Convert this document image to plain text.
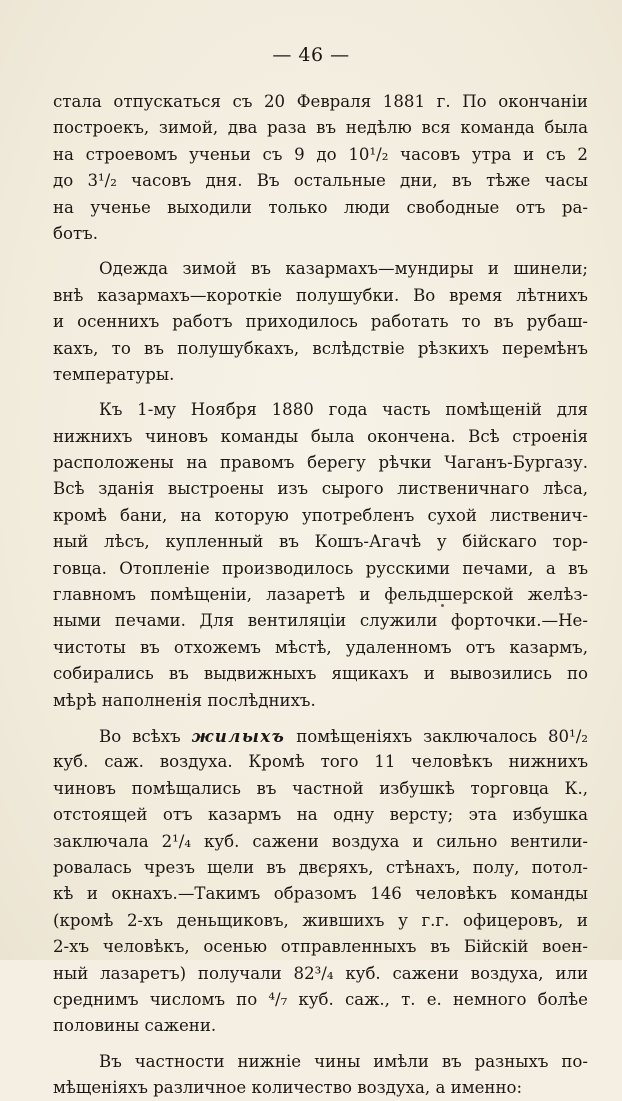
— 46 —
стала отпускаться съ 20 Февраля 1881 г. По окончаніи
построекъ, зимой, два раза въ недѣлю вся команда была
на строевомъ ученьи съ 9 до 10¹/₂ часовъ утра и съ 2
до 3¹/₂ часовъ дня. Въ остальные дни, въ тѣже часы
на ученье выходили только люди свободные отъ ра-
ботъ.
Одежда зимой въ казармахъ—мундиры и шинели;
внѣ казармахъ—короткіе полушубки. Во время лѣтнихъ
и осеннихъ работъ приходилось работать то въ рубаш-
кахъ, то въ полушубкахъ, вслѣдствіе рѣзкихъ перемѣнъ
температуры.
Къ 1-му Ноября 1880 года часть помѣщеній для
нижнихъ чиновъ команды была окончена. Всѣ строенія
расположены на правомъ берегу рѣчки Чаганъ-Бургазу.
Всѣ зданія выстроены изъ сырого лиственичнаго лѣса,
кромѣ бани, на которую употребленъ сухой лиственич-
ный лѣсъ, купленный въ Кошъ-Агачѣ у бійскаго тор-
говца. Отопленіе производилось русскими печами, а въ
главномъ помѣщеніи, лазаретѣ и фельдшерской желѣз-
ными печами. Для вентиляціи служили форточки.—Не-
чистоты въ отхожемъ мѣстѣ, удаленномъ отъ казармъ,
собирались въ выдвижныхъ ящикахъ и вывозились по
мѣрѣ наполненія послѣднихъ.
Во всѣхъ жилыхъ помѣщеніяхъ заключалось 80¹/₂
куб. саж. воздуха. Кромѣ того 11 человѣкъ нижнихъ
чиновъ помѣщались въ частной избушкѣ торговца К.,
отстоящей отъ казармъ на одну версту; эта избушка
заключала 2¹/₄ куб. сажени воздуха и сильно вентили-
ровалась чрезъ щели въ двєряхъ, стѣнахъ, полу, потол-
кѣ и окнахъ.—Такимъ образомъ 146 человѣкъ команды
(кромѣ 2-хъ деньщиковъ, жившихъ у г.г. офицеровъ, и
2-хъ человѣкъ, осенью отправленныхъ въ Бійскій воен-
ный лазаретъ) получали 82³/₄ куб. сажени воздуха, или
среднимъ числомъ по ⁴/₇ куб. саж., т. е. немного болѣе
половины сажени.
Въ частности нижніе чины имѣли въ разныхъ по-
мѣщеніяхъ различное количество воздуха, а именно:
